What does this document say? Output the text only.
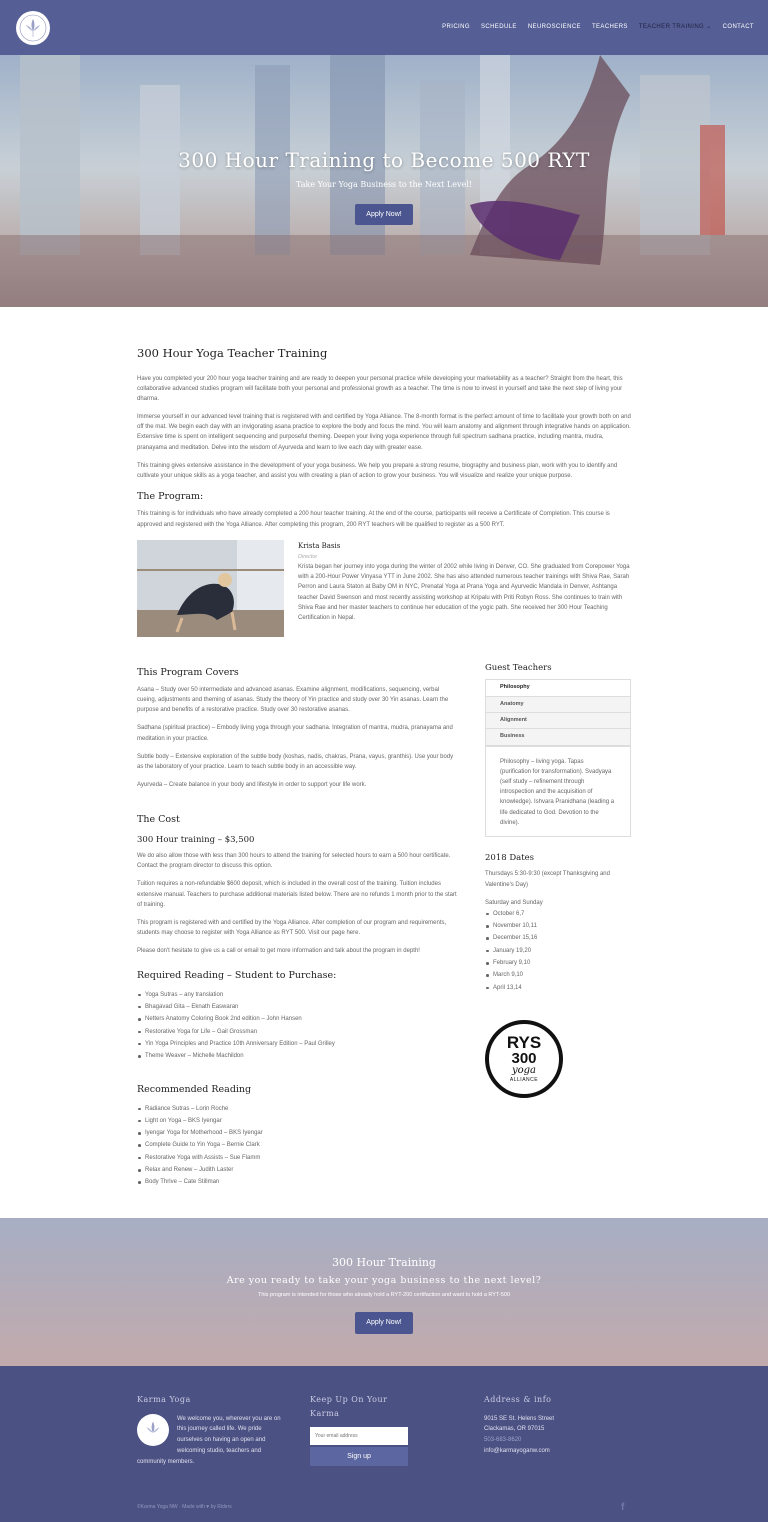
PRICING SCHEDULE NEUROSCIENCE TEACHERS TEACHER TRAINING ⌄ CONTACT
300 Hour Training to Become 500 RYT
Take Your Yoga Business to the Next Level!
Apply Now!
300 Hour Yoga Teacher Training

Have you completed your 200 hour yoga teacher training and are ready to deepen your personal practice while developing your marketability as a teacher? Straight from the heart, this collaborative advanced studies program will facilitate both your personal and professional growth as a teacher. The time is now to invest in yourself and take the next step of living your dharma.

Immerse yourself in our advanced level training that is registered with and certified by Yoga Alliance. The 8-month format is the perfect amount of time to facilitate your growth both on and off the mat. We begin each day with an invigorating asana practice to explore the body and focus the mind. You will learn anatomy and alignment through integrative hands on application. Extensive time is spent on intelligent sequencing and purposeful theming. Deepen your living yoga experience through full spectrum sadhana practice, including mantra, mudra, pranayama and meditation. Delve into the wisdom of Ayurveda and learn to live each day with greater ease.

This training gives extensive assistance in the development of your yoga business. We help you prepare a strong resume, biography and business plan, work with you to identify and cultivate your unique skills as a yoga teacher, and assist you with creating a plan of action to grow your business. You will visualize and realize your unique purpose.

The Program:

This training is for individuals who have already completed a 200 hour teacher training. At the end of the course, participants will receive a Certificate of Completion. This course is approved and registered with the Yoga Alliance. After completing this program, 200 RYT teachers will be qualified to register as a 500 RYT.

Krista Basis
Director

Krista began her journey into yoga during the winter of 2002 while living in Denver, CO. She graduated from Corepower Yoga with a 200-Hour Power Vinyasa YTT in June 2002. She has also attended numerous teacher trainings with Shiva Rae, Sarah Perron and Laura Staton at Baby OM in NYC, Prenatal Yoga at Prana Yoga and Ayurvedic Mandala in Denver, Ashtanga teacher David Swenson and most recently assisting workshop at Kripalu with Priti Robyn Ross. She continues to train with Shiva Rae and her master teachers to continue her education of the yogic path. She received her 300 Hour Teaching Certification in Nepal.

This Program Covers

Asana – Study over 50 intermediate and advanced asanas. Examine alignment, modifications, sequencing, verbal cueing, adjustments and theming of asanas. Study the theory of Yin practice and study over 30 Yin asanas. Learn the purpose and benefits of a restorative practice. Study over 30 restorative asanas.

Sadhana (spiritual practice) – Embody living yoga through your sadhana. Integration of mantra, mudra, pranayama and meditation in your practice.

Subtle body – Extensive exploration of the subtle body (koshas, nadis, chakras, Prana, vayus, granthis). Use your body as the laboratory of your practice. Learn to teach subtle body in an accessible way.

Ayurveda – Create balance in your body and lifestyle in order to support your life work.

The Cost
300 Hour training – $3,500

We do also allow those with less than 300 hours to attend the training for selected hours to earn a 500 hour certificate. Contact the program director to discuss this option.

Tuition requires a non-refundable $600 deposit, which is included in the overall cost of the training. Tuition includes extensive manual. Teachers to purchase additional materials listed below. There are no refunds 1 month prior to the start of training.

This program is registered with and certified by the Yoga Alliance. After completion of our program and requirements, students may choose to register with Yoga Alliance as RYT 500. Visit our page here.

Please don't hesitate to give us a call or email to get more information and talk about the program in depth!

Required Reading – Student to Purchase:
Yoga Sutras – any translation
Bhagavad Gita – Eknath Easwaran
Netters Anatomy Coloring Book 2nd edition – John Hansen
Restorative Yoga for Life – Gail Grossman
Yin Yoga Principles and Practice 10th Anniversary Edition – Paul Grilley
Theme Weaver – Michelle Machildon
Recommended Reading
Radiance Sutras – Lorin Roche
Light on Yoga – BKS Iyengar
Iyengar Yoga for Motherhood – BKS Iyengar
Complete Guide to Yin Yoga – Bernie Clark
Restorative Yoga with Assists – Sue Flamm
Relax and Renew – Judith Laster
Body Thrive – Cate Stillman
Guest Teachers
Philosophy
Anatomy
Alignment
Business
Philosophy – living yoga. Tapas (purification for transformation). Svadyaya (self study – refinement through introspection and the acquisition of knowledge). Ishvara Pranidhana (leading a life dedicated to God. Devotion to the divine).
2018 Dates

Thursdays 5:30-9:30 (except Thanksgiving and Valentine's Day)

Saturday and Sunday

October 6,7
November 10,11
December 15,16
January 19,20
February 9,10
March 9,10
April 13,14
RYS
300
yoga
ALLIANCE
300 Hour Training
Are you ready to take your yoga business to the next level?
This program is intended for those who already hold a RYT-200 certifaction and want to hold a RYT-500
Apply Now!
Karma Yoga

We welcome you, wherever you are on this journey called life. We pride ourselves on having an open and welcoming studio, teachers and community members.

Keep Up On Your Karma
Your email address
Sign up
Address & info

9015 SE St. Helens Street

Clackamas, OR 97015

503-683-8620

info@karmayoganw.com

©Karma Yoga NW · Made with ♥ by Riders	f
